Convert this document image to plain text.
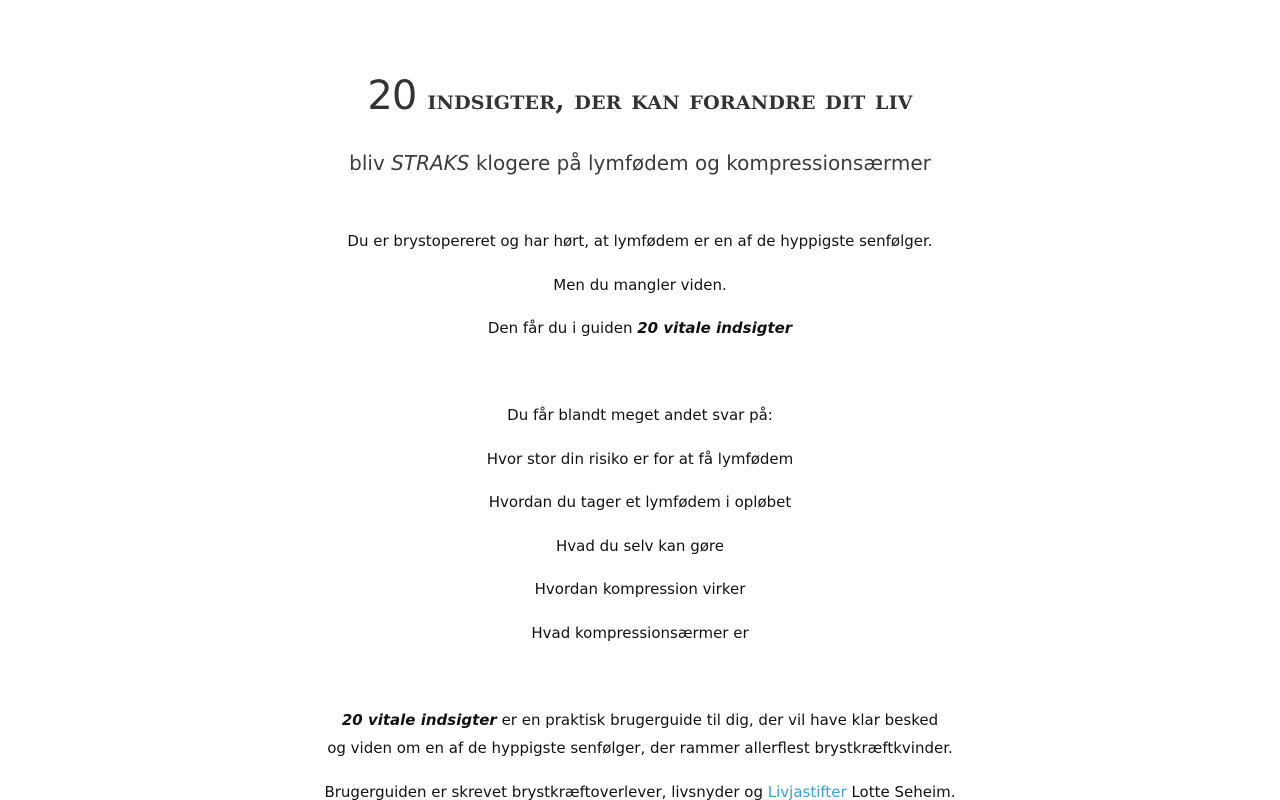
20 indsigter, der kan forandre dit liv
bliv STRAKS klogere på lymfødem og kompressionsærmer

Du er brystopereret og har hørt, at lymfødem er en af de hyppigste senfølger.

Men du mangler viden.

Den får du i guiden 20 vitale indsigter

Du får blandt meget andet svar på:

Hvor stor din risiko er for at få lymfødem

Hvordan du tager et lymfødem i opløbet

Hvad du selv kan gøre

Hvordan kompression virker

Hvad kompressionsærmer er

20 vitale indsigter er en praktisk brugerguide til dig, der vil have klar besked

og viden om en af de hyppigste senfølger, der rammer allerflest brystkræftkvinder.

Brugerguiden er skrevet brystkræftoverlever, livsnyder og Livjastifter Lotte Seheim.
